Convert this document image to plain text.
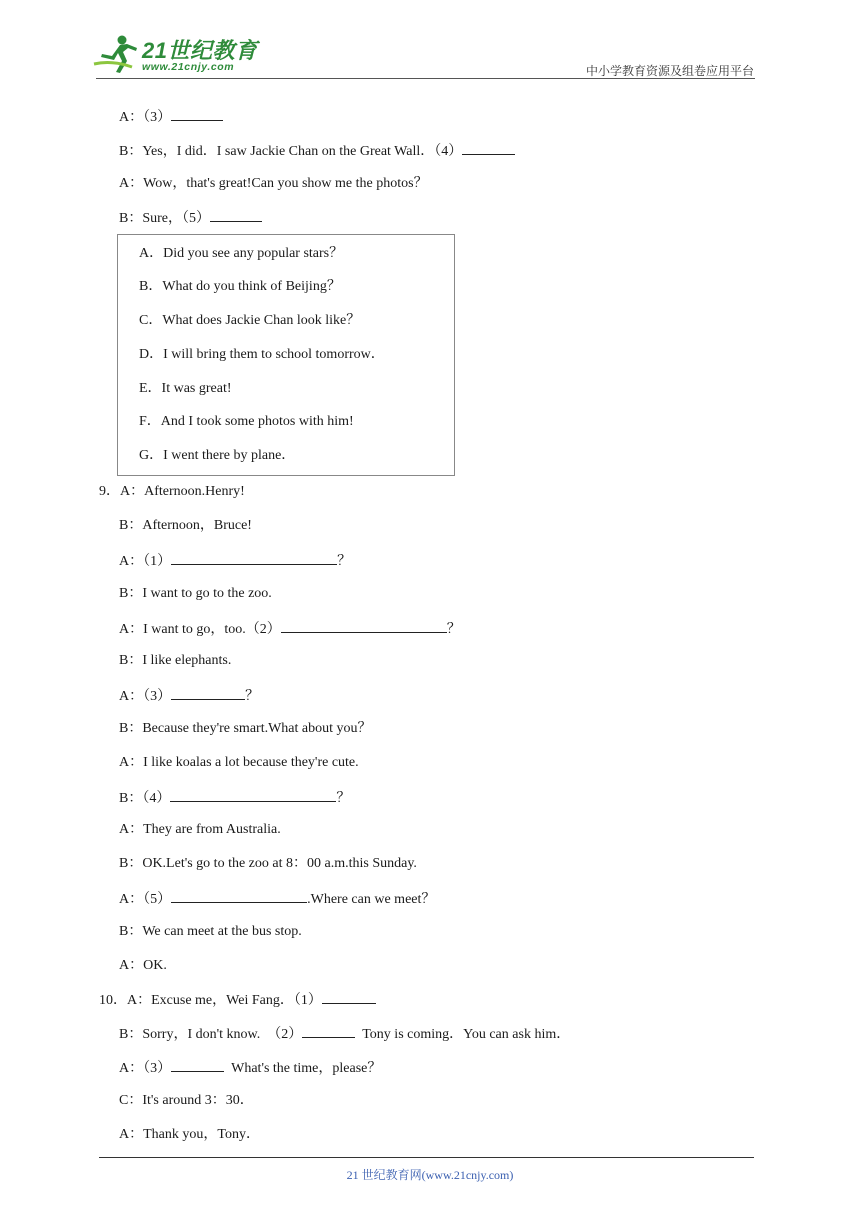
21世纪教育
www.21cnjy.com	中小学教育资源及组卷应用平台
A：（3）
B：Yes，I did．I saw Jackie Chan on the Great Wall．（4）
A：Wow，that's great!Can you show me the photos？
B：Sure，（5）
A．Did you see any popular stars？
B．What do you think of Beijing？
C．What does Jackie Chan look like？
D．I will bring them to school tomorrow．
E．It was great!
F．And I took some photos with him!
G．I went there by plane．
9．A：Afternoon.Henry!
B：Afternoon，Bruce!
A：（1）	？
B：I want to go to the zoo.
A：I want to go，too.（2）	？
B：I like elephants.
A：（3）	？
B：Because they're smart.What about you？
A：I like koalas a lot because they're cute.
B：（4）	？
A：They are from Australia.
B：OK.Let's go to the zoo at 8：00 a.m.this Sunday.
A：（5）	.Where can we meet？
B：We can meet at the bus stop.
A：OK.
10．A：Excuse me，Wei Fang．（1）
B：Sorry，I don't know.　（2）	Tony is coming．You can ask him．
A：（3）	What's the time，please？
C：It's around 3：30．
A：Thank you，Tony．
21 世纪教育网(www.21cnjy.com)
